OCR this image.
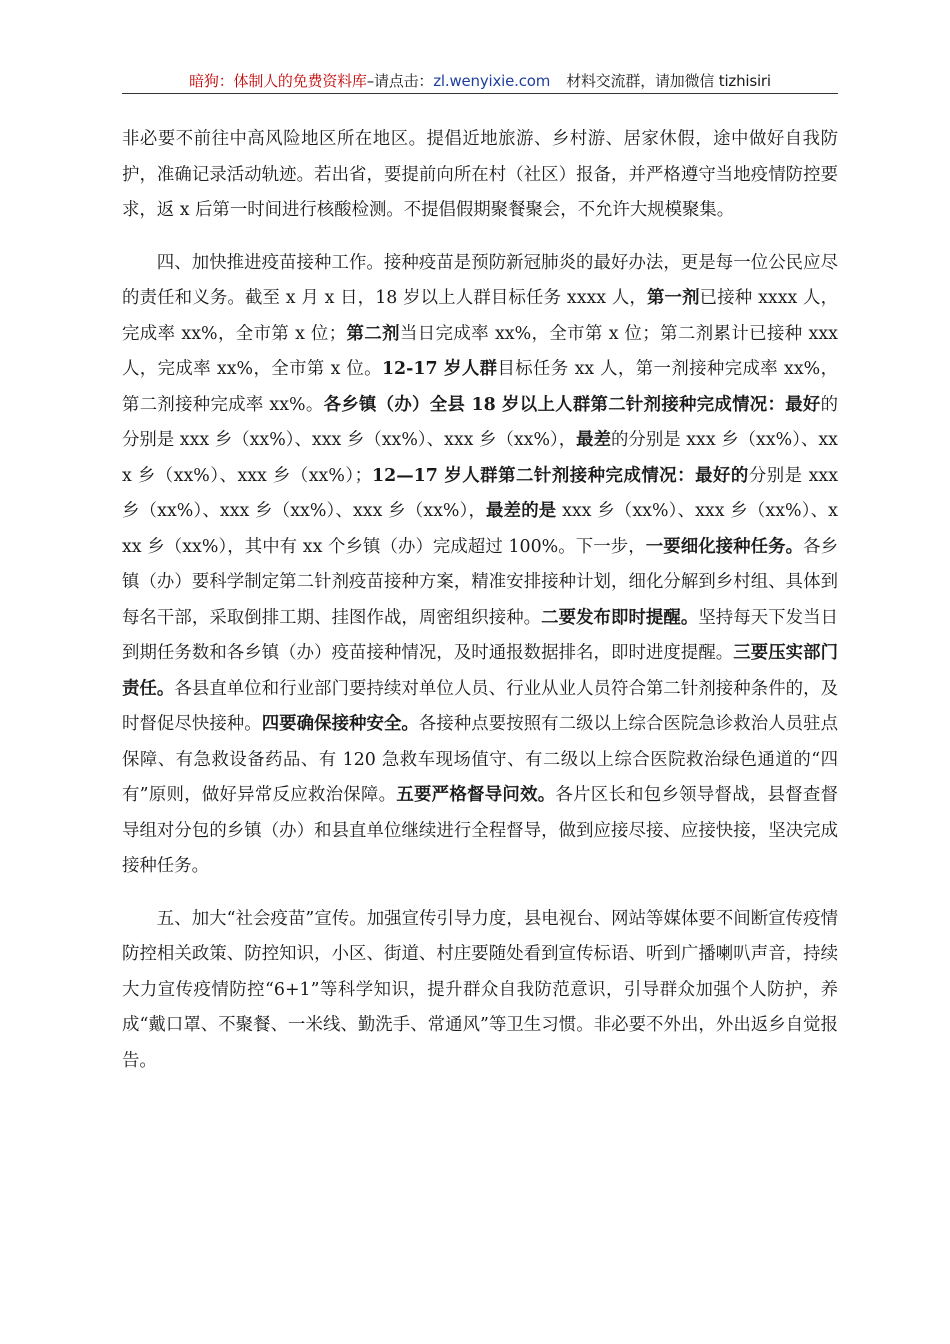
暗狗：体制人的免费资料库–请点击：zl.wenyixie.com 材料交流群，请加微信 tizhisiri

非必要不前往中高风险地区所在地区。提倡近地旅游、乡村游、居家休假，途中做好自我防护，准确记录活动轨迹。若出省，要提前向所在村（社区）报备，并严格遵守当地疫情防控要求，返 x 后第一时间进行核酸检测。不提倡假期聚餐聚会，不允许大规模聚集。

四、加快推进疫苗接种工作。接种疫苗是预防新冠肺炎的最好办法，更是每一位公民应尽的责任和义务。截至 x 月 x 日，18 岁以上人群目标任务 xxxx 人，第一剂已接种 xxxx 人，完成率 xx%，全市第 x 位；第二剂当日完成率 xx%，全市第 x 位；第二剂累计已接种 xxx 人，完成率 xx%，全市第 x 位。12-17 岁人群目标任务 xx 人，第一剂接种完成率 xx%，第二剂接种完成率 xx%。各乡镇（办）全县 18 岁以上人群第二针剂接种完成情况：最好的分别是 xxx 乡（xx%）、xxx 乡（xx%）、xxx 乡（xx%），最差的分别是 xxx 乡（xx%）、xxx 乡（xx%）、xxx 乡（xx%）；12—17 岁人群第二针剂接种完成情况：最好的分别是 xxx 乡（xx%）、xxx 乡（xx%）、xxx 乡（xx%），最差的是 xxx 乡（xx%）、xxx 乡（xx%）、xxx 乡（xx%），其中有 xx 个乡镇（办）完成超过 100%。下一步，一要细化接种任务。各乡镇（办）要科学制定第二针剂疫苗接种方案，精准安排接种计划，细化分解到乡村组、具体到每名干部，采取倒排工期、挂图作战，周密组织接种。二要发布即时提醒。坚持每天下发当日到期任务数和各乡镇（办）疫苗接种情况，及时通报数据排名，即时进度提醒。三要压实部门责任。各县直单位和行业部门要持续对单位人员、行业从业人员符合第二针剂接种条件的，及时督促尽快接种。四要确保接种安全。各接种点要按照有二级以上综合医院急诊救治人员驻点保障、有急救设备药品、有 120 急救车现场值守、有二级以上综合医院救治绿色通道的“四有”原则，做好异常反应救治保障。五要严格督导问效。各片区长和包乡领导督战，县督查督导组对分包的乡镇（办）和县直单位继续进行全程督导，做到应接尽接、应接快接，坚决完成接种任务。

五、加大“社会疫苗”宣传。加强宣传引导力度，县电视台、网站等媒体要不间断宣传疫情防控相关政策、防控知识，小区、街道、村庄要随处看到宣传标语、听到广播喇叭声音，持续大力宣传疫情防控“6+1”等科学知识，提升群众自我防范意识，引导群众加强个人防护，养成“戴口罩、不聚餐、一米线、勤洗手、常通风”等卫生习惯。非必要不外出，外出返乡自觉报告。
